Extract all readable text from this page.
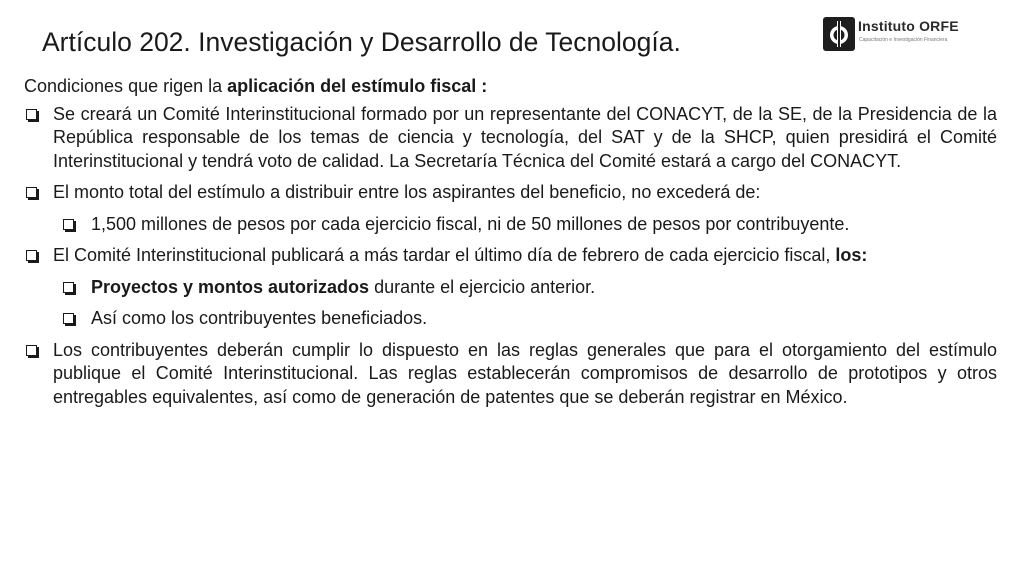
Artículo 202. Investigación y Desarrollo de Tecnología.
Instituto ORFE
Capacitación e Investigación Financiera

Condiciones que rigen la aplicación del estímulo fiscal :

Se creará un Comité Interinstitucional formado por un representante del CONACYT, de la SE, de la Presidencia de la República responsable de los temas de ciencia y tecnología, del SAT y de la SHCP, quien presidirá el Comité Interinstitucional y tendrá voto de calidad. La Secretaría Técnica del Comité estará a cargo del CONACYT.
El monto total del estímulo a distribuir entre los aspirantes del beneficio, no excederá de:
1,500 millones de pesos por cada ejercicio fiscal, ni de 50 millones de pesos por contribuyente.
El Comité Interinstitucional publicará a más tardar el último día de febrero de cada ejercicio fiscal, los:
Proyectos y montos autorizados durante el ejercicio anterior.
Así como los contribuyentes beneficiados.
Los contribuyentes deberán cumplir lo dispuesto en las reglas generales que para el otorgamiento del estímulo publique el Comité Interinstitucional. Las reglas establecerán compromisos de desarrollo de prototipos y otros entregables equivalentes, así como de generación de patentes que se deberán registrar en México.
